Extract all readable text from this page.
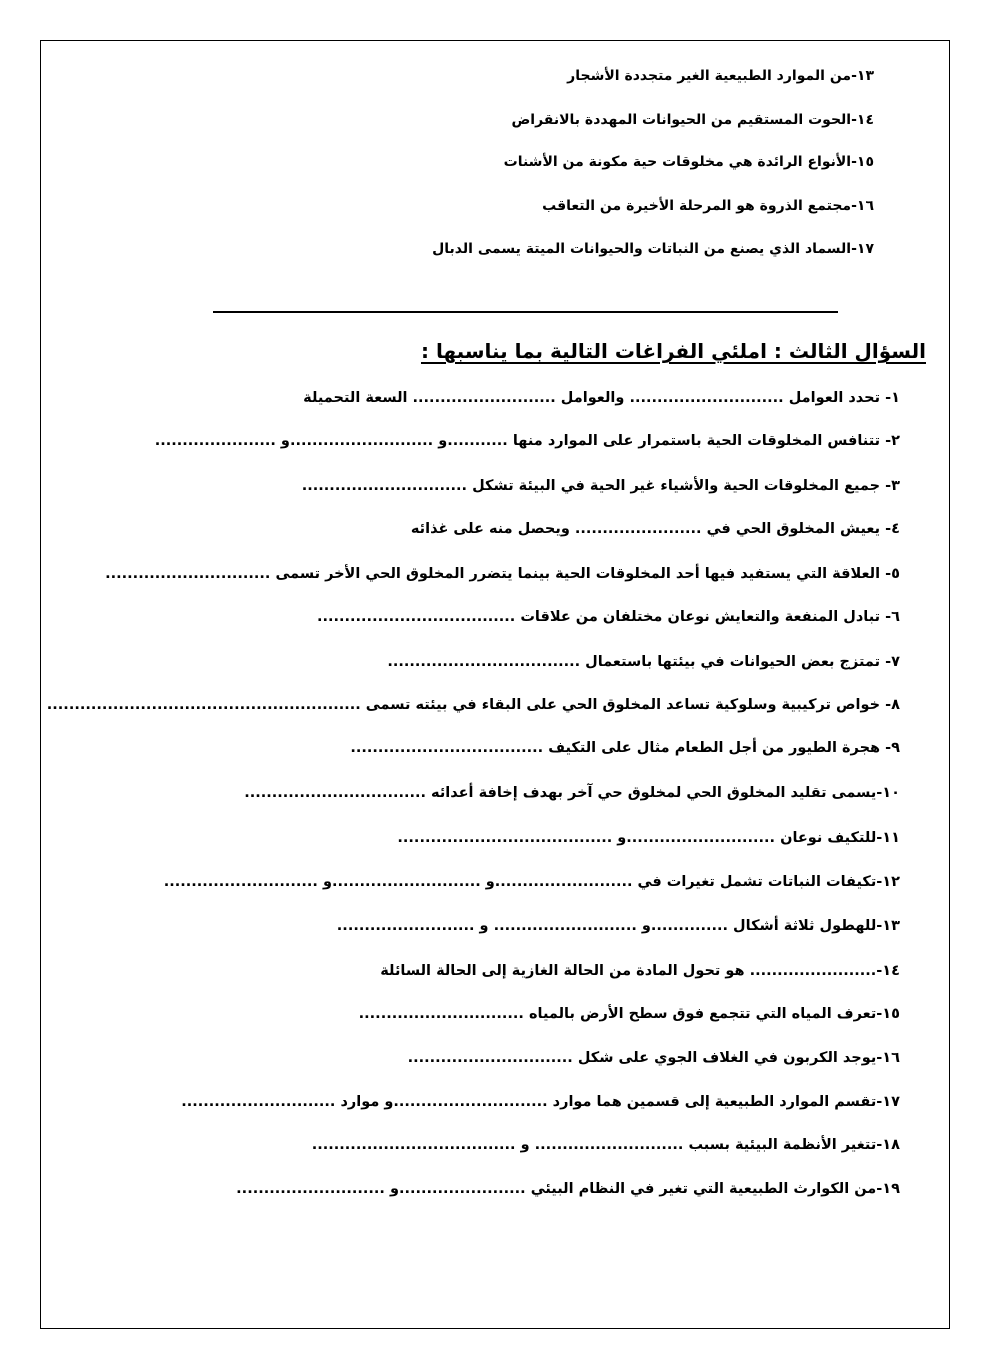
١٣-من الموارد الطبيعية الغير متجددة الأشجار
١٤-الحوت المستقيم من الحيوانات المهددة بالانقراض
١٥-الأنواع الرائدة هي مخلوقات حية مكونة من الأشنات
١٦-مجتمع الذروة هو المرحلة الأخيرة من التعاقب
١٧-السماد الذي يصنع من النباتات والحيوانات الميتة يسمى الدبال
السؤال الثالث : املئي الفراغات التالية بما يناسبها :
١- تحدد العوامل ............................ والعوامل .......................... السعة التحميلة
٢- تتنافس المخلوقات الحية باستمرار على الموارد منها ...........و ..........................و ......................
٣- جميع المخلوقات الحية والأشياء غير الحية في البيئة تشكل ..............................
٤- يعيش المخلوق الحي في ....................... ويحصل منه على غذائه
٥- العلاقة التي يستفيد فيها أحد المخلوقات الحية بينما يتضرر المخلوق الحي الأخر تسمى ..............................
٦- تبادل المنفعة والتعايش نوعان مختلفان من علاقات ....................................
٧- تمتزج بعض الحيوانات في بيئتها باستعمال ...................................
٨- خواص تركيبية وسلوكية تساعد المخلوق الحي على البقاء في بيئته تسمى .........................................................
٩- هجرة الطيور من أجل الطعام مثال على التكيف ...................................
١٠-يسمى تقليد المخلوق الحي لمخلوق حي آخر بهدف إخافة أعدائه .................................
١١-للتكيف نوعان ...........................و .......................................
١٢-تكيفات النباتات تشمل تغيرات في .........................و ...........................و ............................
١٣-للهطول ثلاثة أشكال ..............و .......................... و .........................
١٤-....................... هو تحول المادة من الحالة الغازية إلى الحالة السائلة
١٥-تعرف المياه التي تتجمع فوق سطح الأرض بالمياه ..............................
١٦-يوجد الكربون في الغلاف الجوي على شكل ..............................
١٧-تقسم الموارد الطبيعية إلى قسمين هما موارد ............................و موارد ............................
١٨-تتغير الأنظمة البيئية بسبب ........................... و .....................................
١٩-من الكوارث الطبيعية التي تغير في النظام البيئي .......................و ...........................
